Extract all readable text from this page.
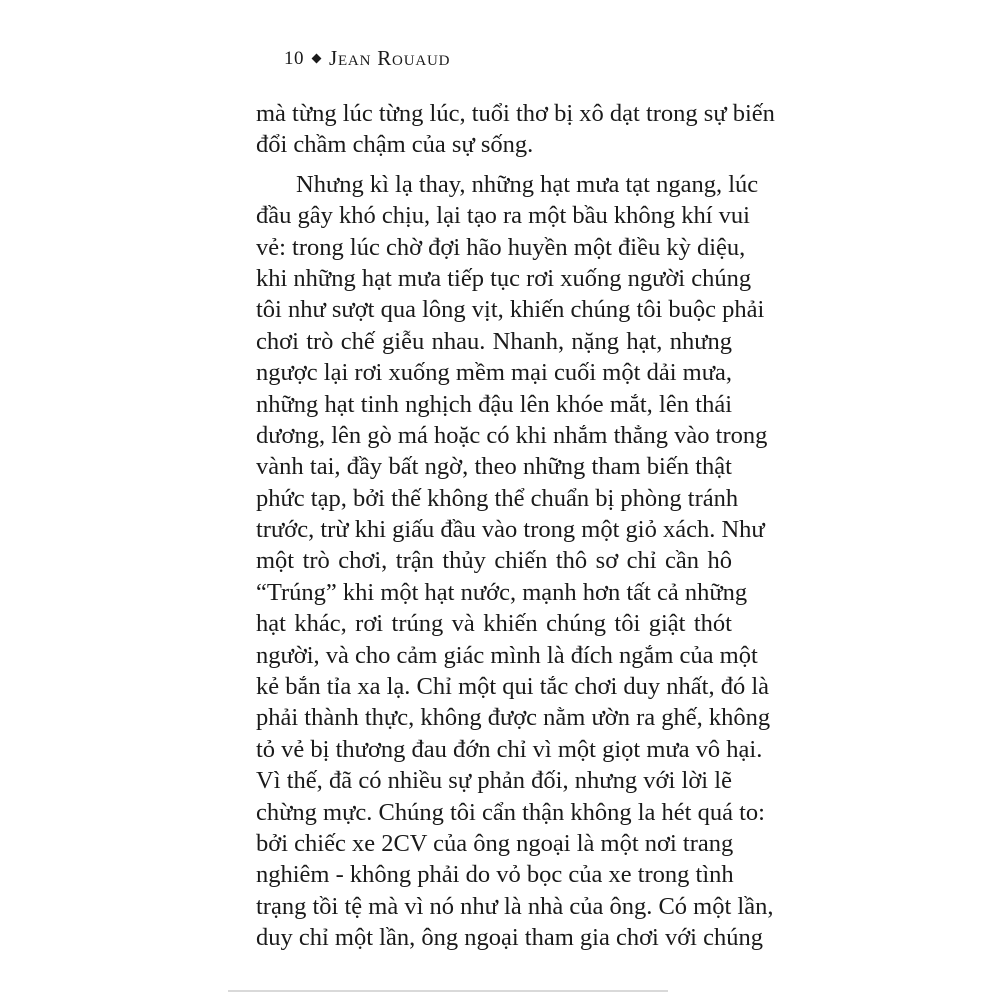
10 Jean Rouaud
mà từng lúc từng lúc, tuổi thơ bị xô dạt trong sự biến
đổi chầm chậm của sự sống.
Nhưng kì lạ thay, những hạt mưa tạt ngang, lúc
đầu gây khó chịu, lại tạo ra một bầu không khí vui
vẻ: trong lúc chờ đợi hão huyền một điều kỳ diệu,
khi những hạt mưa tiếp tục rơi xuống người chúng
tôi như sượt qua lông vịt, khiến chúng tôi buộc phải
chơi trò chế giễu nhau. Nhanh, nặng hạt, nhưng
ngược lại rơi xuống mềm mại cuối một dải mưa,
những hạt tinh nghịch đậu lên khóe mắt, lên thái
dương, lên gò má hoặc có khi nhắm thẳng vào trong
vành tai, đầy bất ngờ, theo những tham biến thật
phức tạp, bởi thế không thể chuẩn bị phòng tránh
trước, trừ khi giấu đầu vào trong một giỏ xách. Như
một trò chơi, trận thủy chiến thô sơ chỉ cần hô
“Trúng” khi một hạt nước, mạnh hơn tất cả những
hạt khác, rơi trúng và khiến chúng tôi giật thót
người, và cho cảm giác mình là đích ngắm của một
kẻ bắn tỉa xa lạ. Chỉ một qui tắc chơi duy nhất, đó là
phải thành thực, không được nằm ườn ra ghế, không
tỏ vẻ bị thương đau đớn chỉ vì một giọt mưa vô hại.
Vì thế, đã có nhiều sự phản đối, nhưng với lời lẽ
chừng mực. Chúng tôi cẩn thận không la hét quá to:
bởi chiếc xe 2CV của ông ngoại là một nơi trang
nghiêm - không phải do vỏ bọc của xe trong tình
trạng tồi tệ mà vì nó như là nhà của ông. Có một lần,
duy chỉ một lần, ông ngoại tham gia chơi với chúng
